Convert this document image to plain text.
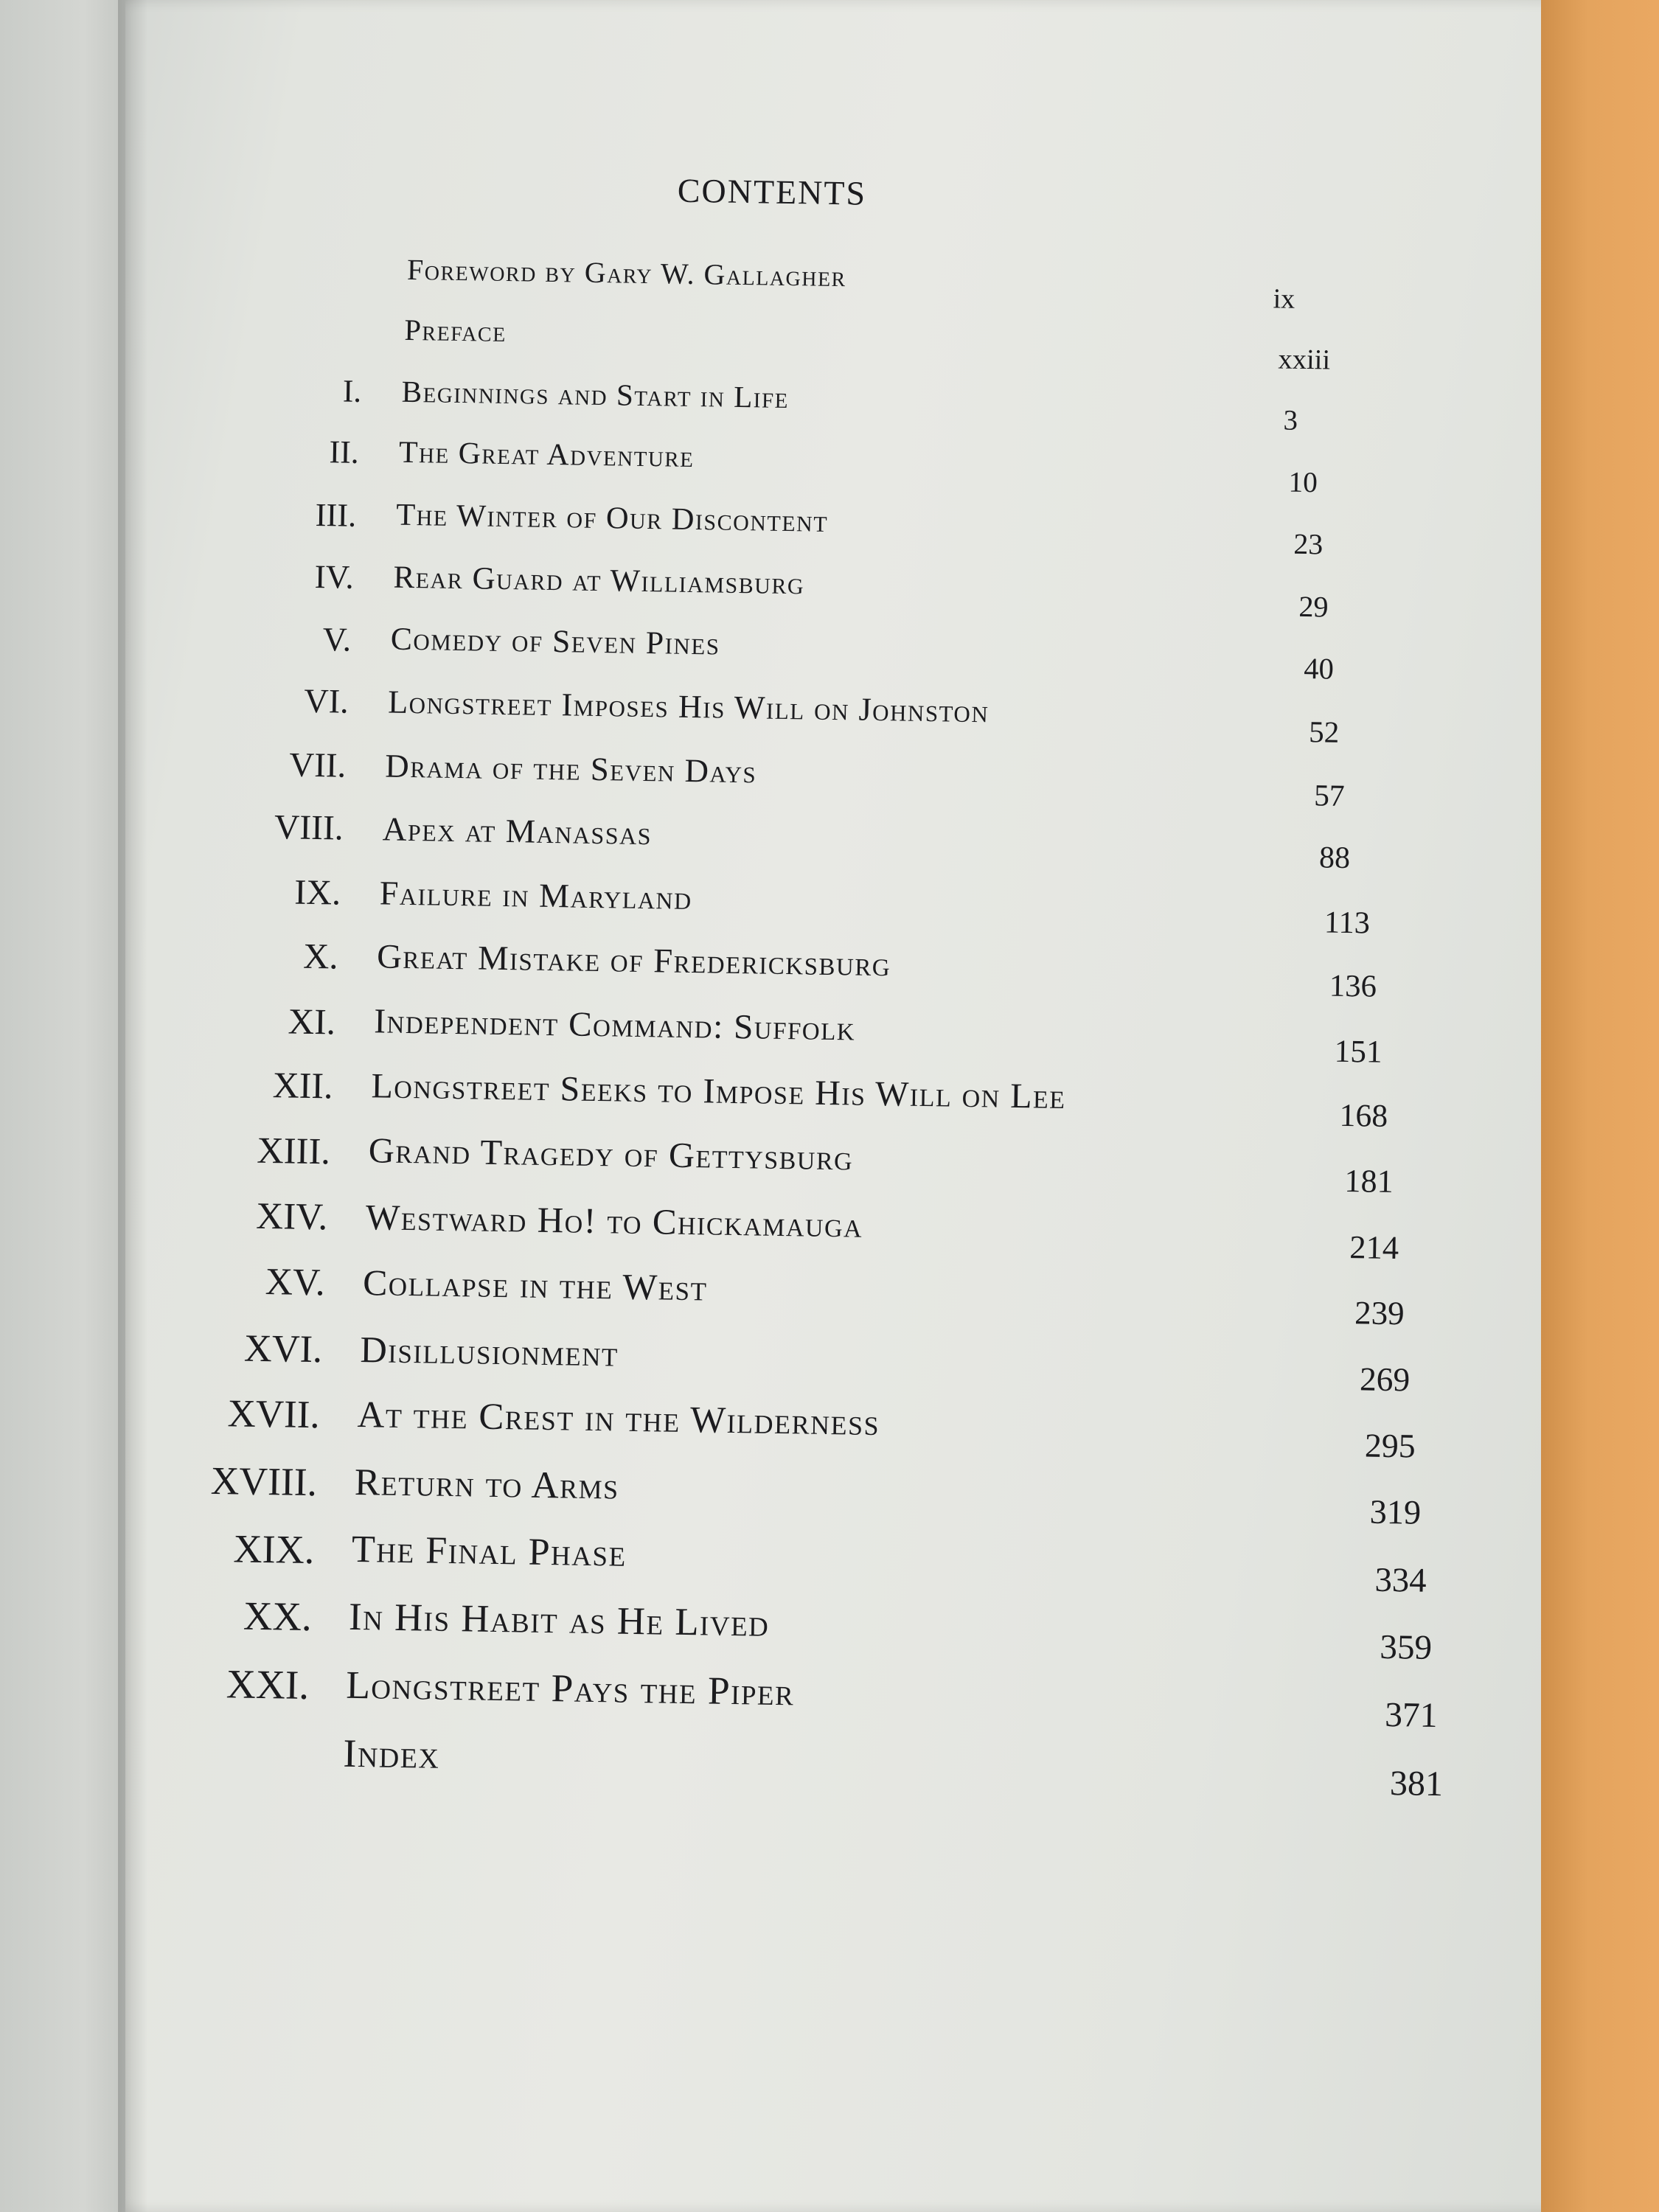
CONTENTS
Foreword by Gary W. Gallagher
ix
Preface
xxiii
I. Beginnings and Start in Life
3
II. The Great Adventure
10
III. The Winter of Our Discontent
23
IV. Rear Guard at Williamsburg
29
V. Comedy of Seven Pines
40
VI. Longstreet Imposes His Will on Johnston
52
VII. Drama of the Seven Days
57
VIII. Apex at Manassas
88
IX. Failure in Maryland
113
X. Great Mistake of Fredericksburg
136
XI. Independent Command: Suffolk
151
XII. Longstreet Seeks to Impose His Will on Lee	168
XIII. Grand Tragedy of Gettysburg
181
XIV. Westward Ho! to Chickamauga
214
XV. Collapse in the West
239
XVI. Disillusionment
269
XVII. At the Crest in the Wilderness
295
XVIII. Return to Arms
319
XIX. The Final Phase
334
XX. In His Habit as He Lived
359
XXI. Longstreet Pays the Piper
371
Index
381
